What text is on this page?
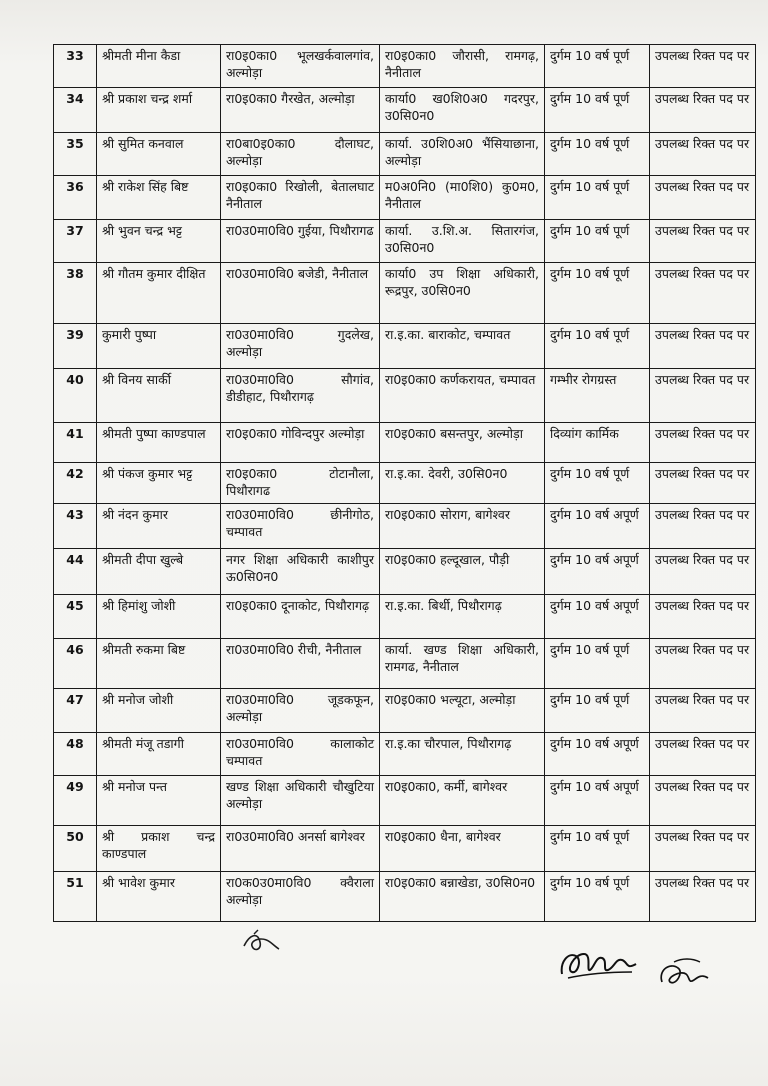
33	श्रीमती मीना कैडा	रा0इ0का0 भूलखर्कवालगांव, अल्मोड़ा	रा0इ0का0 जौरासी, रामगढ़, नैनीताल	दुर्गम 10 वर्ष पूर्ण	उपलब्ध रिक्त पद पर
34	श्री प्रकाश चन्द्र शर्मा	रा0इ0का0 गैरखेत, अल्मोड़ा	कार्या0 ख0शि0अ0 गदरपुर, उ0सि0न0	दुर्गम 10 वर्ष पूर्ण	उपलब्ध रिक्त पद पर
35	श्री सुमित कनवाल	रा0बा0इ0का0 दौलाघट, अल्मोड़ा	कार्या. उ0शि0अ0 भैंसियाछाना, अल्मोड़ा	दुर्गम 10 वर्ष पूर्ण	उपलब्ध रिक्त पद पर
36	श्री राकेश सिंह बिष्ट	रा0इ0का0 रिखोली, बेतालघाट नैनीताल	म0अ0नि0 (मा0शि0) कु0म0, नैनीताल	दुर्गम 10 वर्ष पूर्ण	उपलब्ध रिक्त पद पर
37	श्री भुवन चन्द्र भट्ट	रा0उ0मा0वि0 गुईया, पिथौरागढ	कार्या. उ.शि.अ. सितारगंज, उ0सि0न0	दुर्गम 10 वर्ष पूर्ण	उपलब्ध रिक्त पद पर
38	श्री गौतम कुमार दीक्षित	रा0उ0मा0वि0 बजेडी, नैनीताल	कार्या0 उप शिक्षा अधिकारी, रूद्रपुर, उ0सि0न0	दुर्गम 10 वर्ष पूर्ण	उपलब्ध रिक्त पद पर
39	कुमारी पुष्पा	रा0उ0मा0वि0 गुदलेख, अल्मोड़ा	रा.इ.का. बाराकोट, चम्पावत	दुर्गम 10 वर्ष पूर्ण	उपलब्ध रिक्त पद पर
40	श्री विनय सार्की	रा0उ0मा0वि0 सौगांव, डीडीहाट, पिथौरागढ़	रा0इ0का0 कर्णकरायत, चम्पावत	गम्भीर रोगग्रस्त	उपलब्ध रिक्त पद पर
41	श्रीमती पुष्पा काण्डपाल	रा0इ0का0 गोविन्दपुर अल्मोड़ा	रा0इ0का0 बसन्तपुर, अल्मोड़ा	दिव्यांग कार्मिक	उपलब्ध रिक्त पद पर
42	श्री पंकज कुमार भट्ट	रा0इ0का0 टोटानौला, पिथौरागढ	रा.इ.का. देवरी, उ0सि0न0	दुर्गम 10 वर्ष पूर्ण	उपलब्ध रिक्त पद पर
43	श्री नंदन कुमार	रा0उ0मा0वि0 छीनीगोठ, चम्पावत	रा0इ0का0 सोराग, बागेश्वर	दुर्गम 10 वर्ष अपूर्ण	उपलब्ध रिक्त पद पर
44	श्रीमती दीपा खुल्बे	नगर शिक्षा अधिकारी काशीपुर ऊ0सि0न0	रा0इ0का0 हल्दूखाल, पौड़ी	दुर्गम 10 वर्ष अपूर्ण	उपलब्ध रिक्त पद पर
45	श्री हिमांशु जोशी	रा0इ0का0 दूनाकोट, पिथौरागढ़	रा.इ.का. बिर्थी, पिथौरागढ़	दुर्गम 10 वर्ष अपूर्ण	उपलब्ध रिक्त पद पर
46	श्रीमती रुकमा बिष्ट	रा0उ0मा0वि0 रीची, नैनीताल	कार्या. खण्ड शिक्षा अधिकारी, रामगढ, नैनीताल	दुर्गम 10 वर्ष पूर्ण	उपलब्ध रिक्त पद पर
47	श्री मनोज जोशी	रा0उ0मा0वि0 जूडकफून, अल्मोड़ा	रा0इ0का0 भल्यूटा, अल्मोड़ा	दुर्गम 10 वर्ष पूर्ण	उपलब्ध रिक्त पद पर
48	श्रीमती मंजू तडागी	रा0उ0मा0वि0 कालाकोट चम्पावत	रा.इ.का चौरपाल, पिथौरागढ़	दुर्गम 10 वर्ष अपूर्ण	उपलब्ध रिक्त पद पर
49	श्री मनोज पन्त	खण्ड शिक्षा अधिकारी चौखुटिया अल्मोड़ा	रा0इ0का0, कर्मी, बागेश्वर	दुर्गम 10 वर्ष अपूर्ण	उपलब्ध रिक्त पद पर
50	श्री प्रकाश चन्द्र काण्डपाल	रा0उ0मा0वि0 अनर्सा बागेश्वर	रा0इ0का0 धैना, बागेश्वर	दुर्गम 10 वर्ष पूर्ण	उपलब्ध रिक्त पद पर
51	श्री भावेश कुमार	रा0क0उ0मा0वि0 क्वैराला अल्मोड़ा	रा0इ0का0 बन्नाखेडा, उ0सि0न0	दुर्गम 10 वर्ष पूर्ण	उपलब्ध रिक्त पद पर
